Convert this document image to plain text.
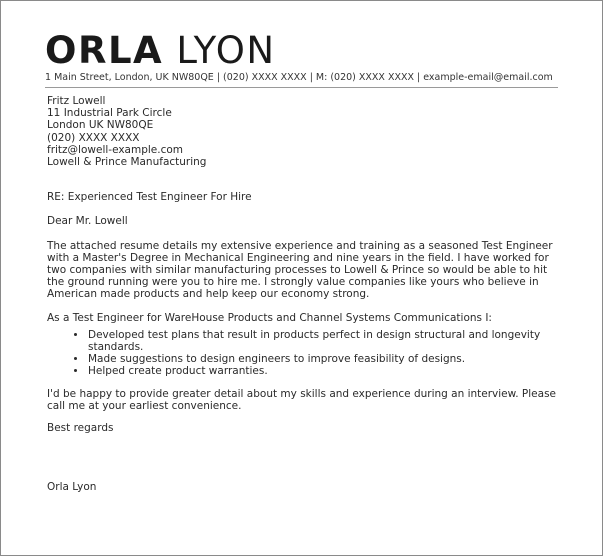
ORLA LYON
1 Main Street, London, UK NW80QE | (020) XXXX XXXX | M: (020) XXXX XXXX | example-email@email.com
Fritz Lowell
11 Industrial Park Circle
London UK NW80QE
(020) XXXX XXXX
fritz@lowell-example.com
Lowell & Prince Manufacturing

RE: Experienced Test Engineer For Hire

Dear Mr. Lowell

The attached resume details my extensive experience and training as a seasoned Test Engineer with a Master's Degree in Mechanical Engineering and nine years in the field. I have worked for two companies with similar manufacturing processes to Lowell & Prince so would be able to hit the ground running were you to hire me. I strongly value companies like yours who believe in American made products and help keep our economy strong.

As a Test Engineer for WareHouse Products and Channel Systems Communications I:

• Developed test plans that result in products perfect in design structural and longevity standards.
• Made suggestions to design engineers to improve feasibility of designs.
• Helped create product warranties.

I'd be happy to provide greater detail about my skills and experience during an interview. Please call me at your earliest convenience.

Best regards

Orla Lyon
